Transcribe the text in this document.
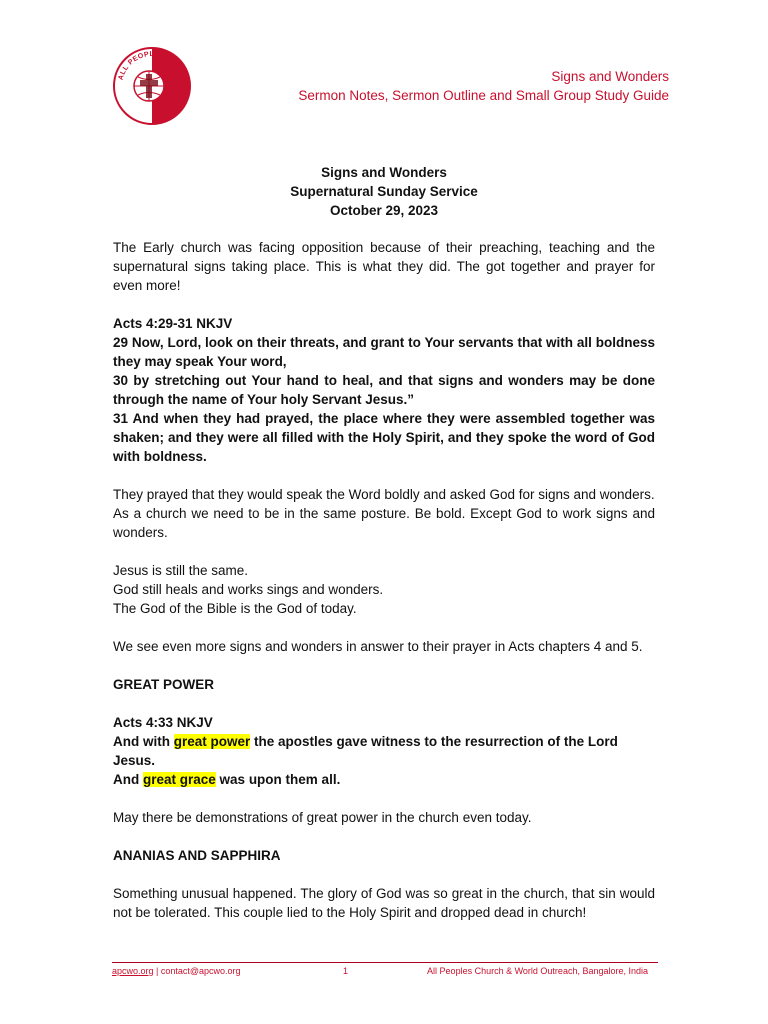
ALL PEOPLES CHURCH
Signs and Wonders
Sermon Notes, Sermon Outline and Small Group Study Guide
Signs and Wonders
Supernatural Sunday Service
October 29, 2023

The Early church was facing opposition because of their preaching, teaching and the supernatural signs taking place. This is what they did. The got together and prayer for even more!

Acts 4:29-31 NKJV

29 Now, Lord, look on their threats, and grant to Your servants that with all boldness they may speak Your word,

30 by stretching out Your hand to heal, and that signs and wonders may be done through the name of Your holy Servant Jesus.”

31 And when they had prayed, the place where they were assembled together was shaken; and they were all filled with the Holy Spirit, and they spoke the word of God with boldness.

They prayed that they would speak the Word boldly and asked God for signs and wonders.

As a church we need to be in the same posture. Be bold. Except God to work signs and wonders.

Jesus is still the same.

God still heals and works sings and wonders.

The God of the Bible is the God of today.

We see even more signs and wonders in answer to their prayer in Acts chapters 4 and 5.

GREAT POWER

Acts 4:33 NKJV

And with great power the apostles gave witness to the resurrection of the Lord Jesus.

And great grace was upon them all.

May there be demonstrations of great power in the church even today.

ANANIAS AND SAPPHIRA

Something unusual happened. The glory of God was so great in the church, that sin would not be tolerated. This couple lied to the Holy Spirit and dropped dead in church!

apcwo.org | contact@apcwo.org	1	All Peoples Church & World Outreach, Bangalore, India
